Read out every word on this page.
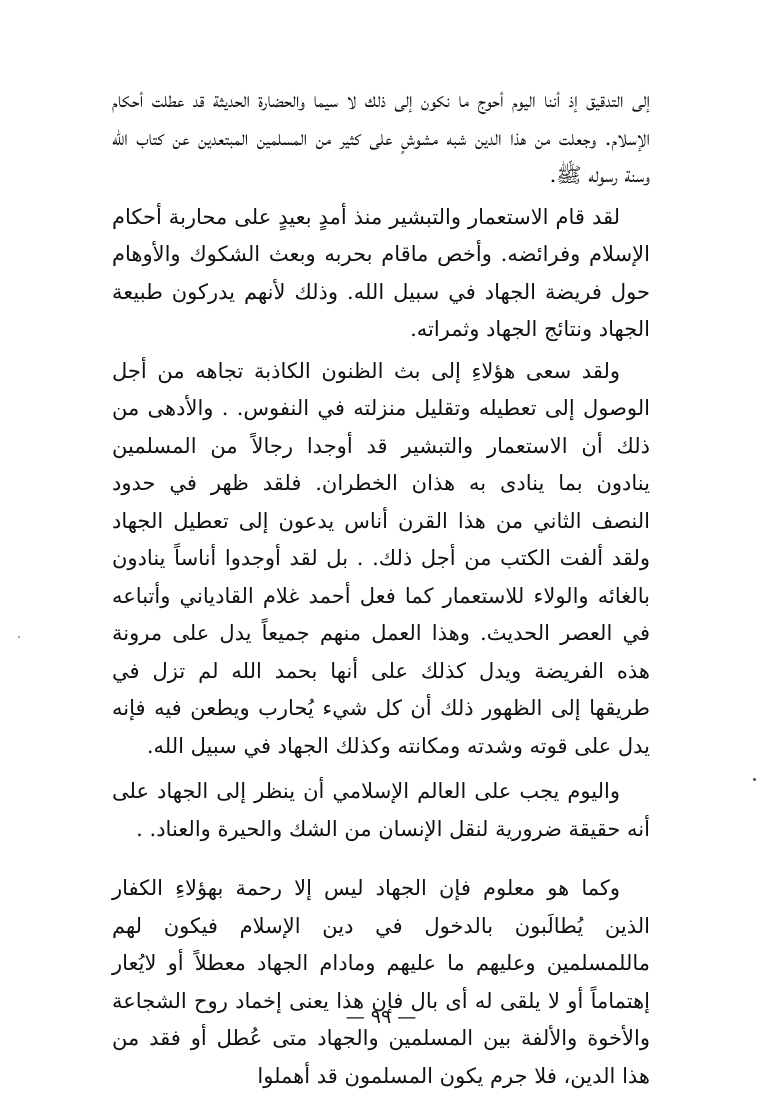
إلى التدقيق إذ أننا اليوم أحوج ما نكون إلى ذلك لا سيما والحضارة الحديثة قد عطلت أحكام الإسلام. وجعلت من هذا الدين شبه مشوشٍ على كثير من المسلمين المبتعدين عن كتاب الله وسنة رسوله ﷺ.

لقد قام الاستعمار والتبشير منذ أمدٍ بعيدٍ على محاربة أحكام الإسلام وفرائضه. وأخص ماقام بحربه وبعث الشكوك والأوهام حول فريضة الجهاد في سبيل الله. وذلك لأنهم يدركون طبيعة الجهاد ونتائج الجهاد وثمراته.

ولقد سعى هؤلاءِ إلى بث الظنون الكاذبة تجاهه من أجل الوصول إلى تعطيله وتقليل منزلته في النفوس. . والأدهى من ذلك أن الاستعمار والتبشير قد أوجدا رجالاً من المسلمين ينادون بما ينادى به هذان الخطران. فلقد ظهر في حدود النصف الثاني من هذا القرن أناس يدعون إلى تعطيل الجهاد ولقد ألفت الكتب من أجل ذلك. . بل لقد أوجدوا أناساً ينادون بالغائه والولاء للاستعمار كما فعل أحمد غلام القادياني وأتباعه في العصر الحديث. وهذا العمل منهم جميعاً يدل على مرونة هذه الفريضة ويدل كذلك على أنها بحمد الله لم تزل في طريقها إلى الظهور ذلك أن كل شيء يُحارب ويطعن فيه فإنه يدل على قوته وشدته ومكانته وكذلك الجهاد في سبيل الله.

واليوم يجب على العالم الإسلامي أن ينظر إلى الجهاد على أنه حقيقة ضرورية لنقل الإنسان من الشك والحيرة والعناد. .

وكما هو معلوم فإن الجهاد ليس إلا رحمة بهؤلاءِ الكفار الذين يُطالَبون بالدخول في دين الإسلام فيكون لهم ماللمسلمين وعليهم ما عليهم ومادام الجهاد معطلاً أو لايُعار إهتماماً أو لا يلقى له أى بال فإن هذا يعنى إخماد روح الشجاعة والأخوة والألفة بين المسلمين والجهاد متى عُطل أو فقد من هذا الدين، فلا جرم يكون المسلمون قد أهملوا

— ٩٩ —
